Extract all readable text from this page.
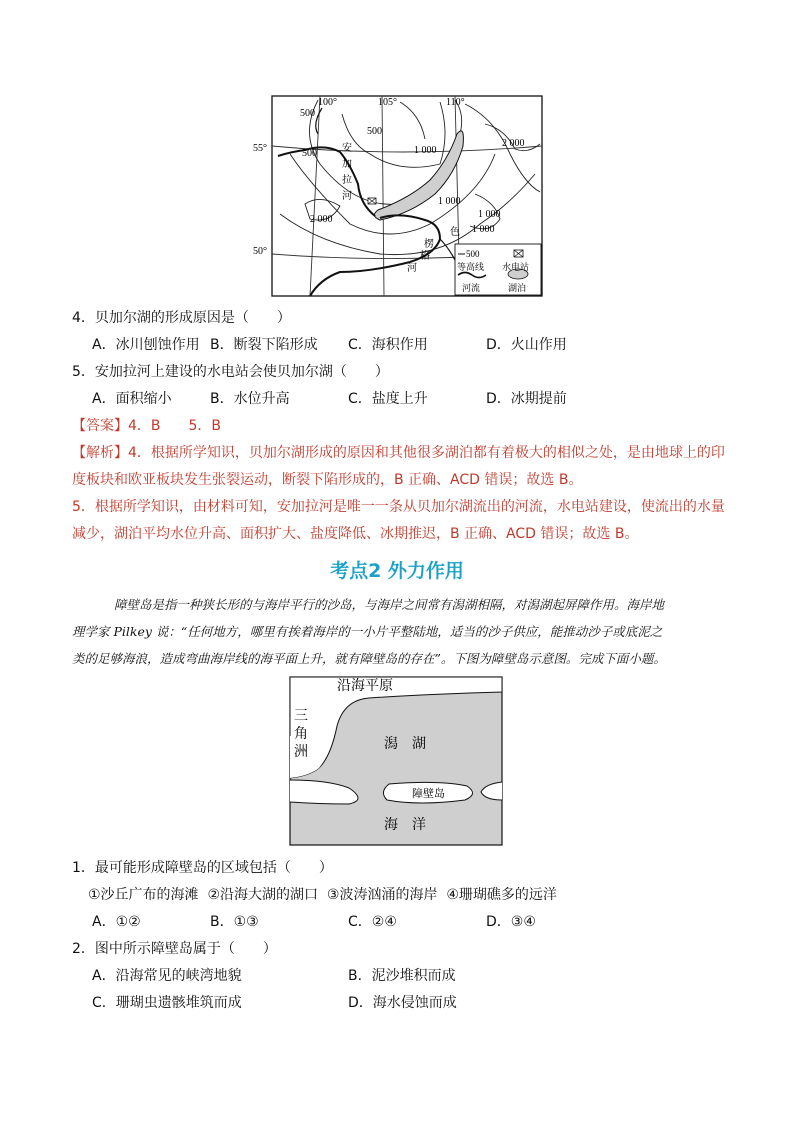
100°	105°	110°
55°
50°
500
500
500	1 000
1 000
1 000
1 000
2 000
2 000
安
加
拉
河
色
楞
格
河
500
等高线 水电站
河流	湖泊
4．贝加尔湖的形成原因是（　　）
A．冰川刨蚀作用 B．断裂下陷形成 C．海积作用	D．火山作用
5．安加拉河上建设的水电站会使贝加尔湖（　　）
A．面积缩小	B．水位升高	C．盐度上升	D．冰期提前
【答案】4．B　　5．B
【解析】4．根据所学知识，贝加尔湖形成的原因和其他很多湖泊都有着极大的相似之处，是由地球上的印
度板块和欧亚板块发生张裂运动，断裂下陷形成的，B 正确、ACD 错误；故选 B。
5．根据所学知识，由材料可知，安加拉河是唯一一条从贝加尔湖流出的河流，水电站建设，使流出的水量
减少，湖泊平均水位升高、面积扩大、盐度降低、冰期推迟，B 正确、ACD 错误；故选 B。
考点2 外力作用
障壁岛是指一种狭长形的与海岸平行的沙岛，与海岸之间常有潟湖相隔，对潟湖起屏障作用。海岸地
理学家 Pilkey 说：“任何地方，哪里有挨着海岸的一小片平整陆地，适当的沙子供应，能推动沙子或底泥之
类的足够海浪，造成弯曲海岸线的海平面上升，就有障壁岛的存在”。下图为障壁岛示意图。完成下面小题。
沿海平原
三
角
洲
潟　湖
障壁岛
海　洋
1．最可能形成障壁岛的区域包括（　　）
①沙丘广布的海滩  ②沿海大湖的湖口  ③波涛汹涌的海岸  ④珊瑚礁多的远洋
A．①②	B．①③	C．②④	D．③④
2．图中所示障壁岛属于（　　）
A．沿海常见的峡湾地貌	B．泥沙堆积而成
C．珊瑚虫遗骸堆筑而成	D．海水侵蚀而成
